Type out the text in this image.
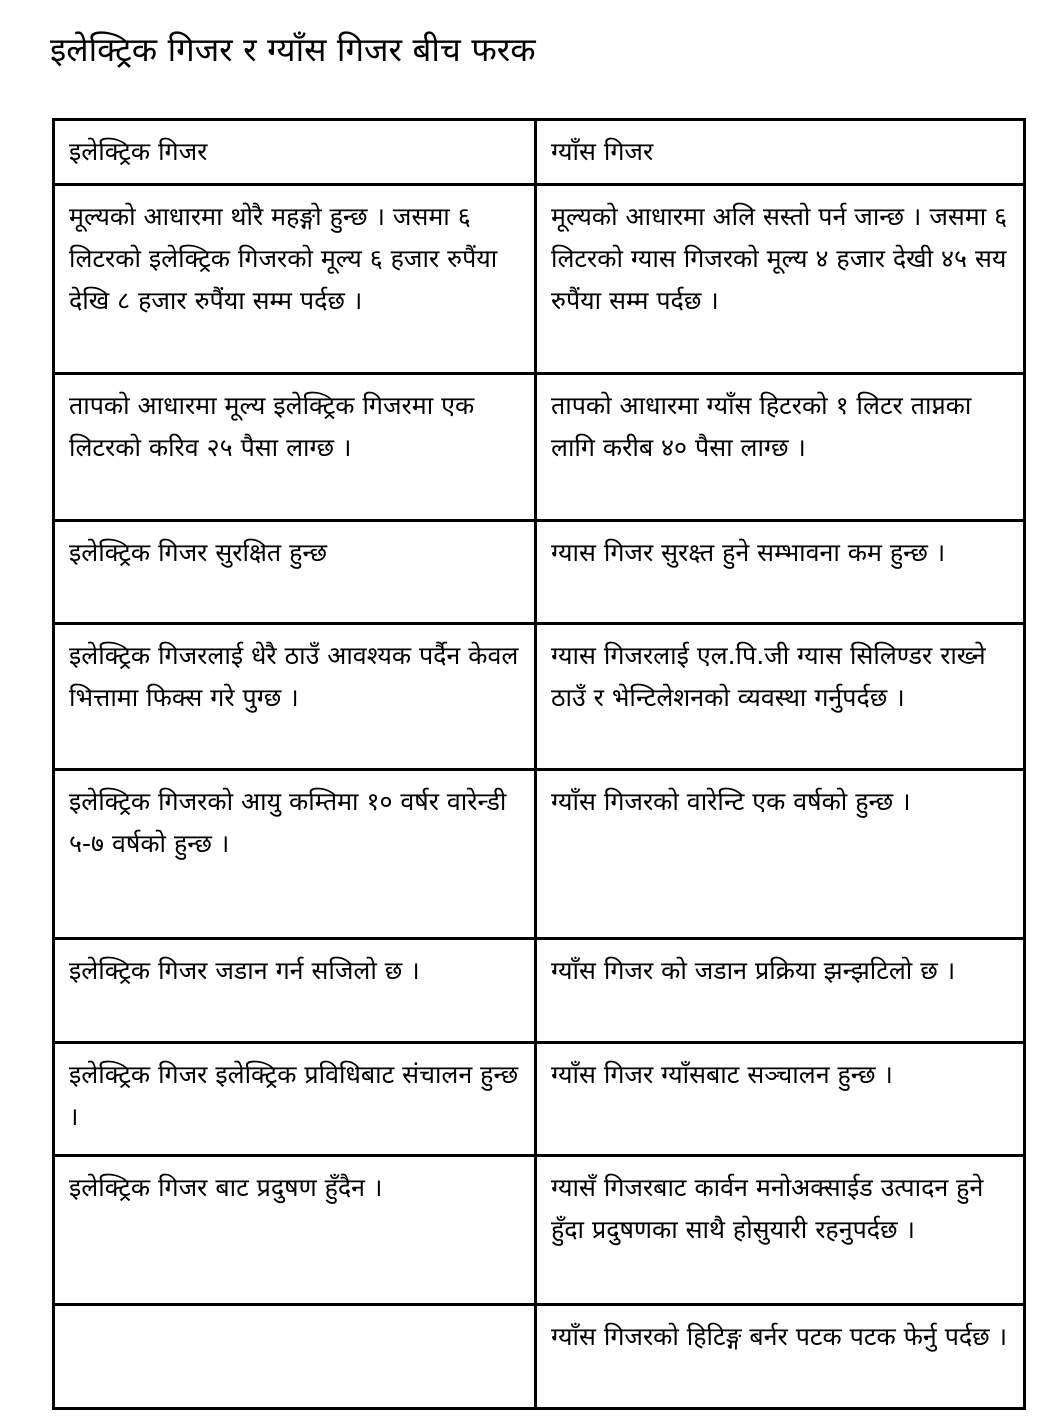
इलेक्ट्रिक गिजर र ग्याँस गिजर बीच फरक
इलेक्ट्रिक गिजर	ग्याँस गिजर
मूल्यको आधारमा थोरै महङ्गो हुन्छ । जसमा ६ लिटरको इलेक्ट्रिक गिजरको मूल्य ६ हजार रुपैंया देखि ८ हजार रुपैंया सम्म पर्दछ ।	मूल्यको आधारमा अलि सस्तो पर्न जान्छ । जसमा ६ लिटरको ग्यास गिजरको मूल्य ४ हजार देखी ४५ सय रुपैंया सम्म पर्दछ ।
तापको आधारमा मूल्य इलेक्ट्रिक गिजरमा एक लिटरको करिव २५ पैसा लाग्छ ।	तापको आधारमा ग्याँस हिटरको १ लिटर ताप्नका लागि करीब ४० पैसा लाग्छ ।
इलेक्ट्रिक गिजर सुरक्षित हुन्छ	ग्यास गिजर सुरक्ष्त हुने सम्भावना कम हुन्छ ।
इलेक्ट्रिक गिजरलाई धेरै ठाउँ आवश्यक पर्दैन केवल भित्तामा फिक्स गरे पुग्छ ।	ग्यास गिजरलाई एल.पि.जी ग्यास सिलिण्डर राख्ने ठाउँ र भेन्टिलेशनको व्यवस्था गर्नुपर्दछ ।
इलेक्ट्रिक गिजरको आयु कम्तिमा १० वर्षर वारेन्डी ५-७ वर्षको हुन्छ ।	ग्याँस गिजरको वारेन्टि एक वर्षको हुन्छ ।
इलेक्ट्रिक गिजर जडान गर्न सजिलो छ ।	ग्याँस गिजर को जडान प्रक्रिया झन्झटिलो छ ।
इलेक्ट्रिक गिजर इलेक्ट्रिक प्रविधिबाट संचालन हुन्छ ।	ग्याँस गिजर ग्याँसबाट सञ्चालन हुन्छ ।
इलेक्ट्रिक गिजर बाट प्रदुषण हुँदैन ।	ग्यासँ गिजरबाट कार्वन मनोअक्साईड उत्पादन हुने हुँदा प्रदुषणका साथै होसुयारी रहनुपर्दछ ।
	ग्याँस गिजरको हिटिङ्ग बर्नर पटक पटक फेर्नु पर्दछ ।
